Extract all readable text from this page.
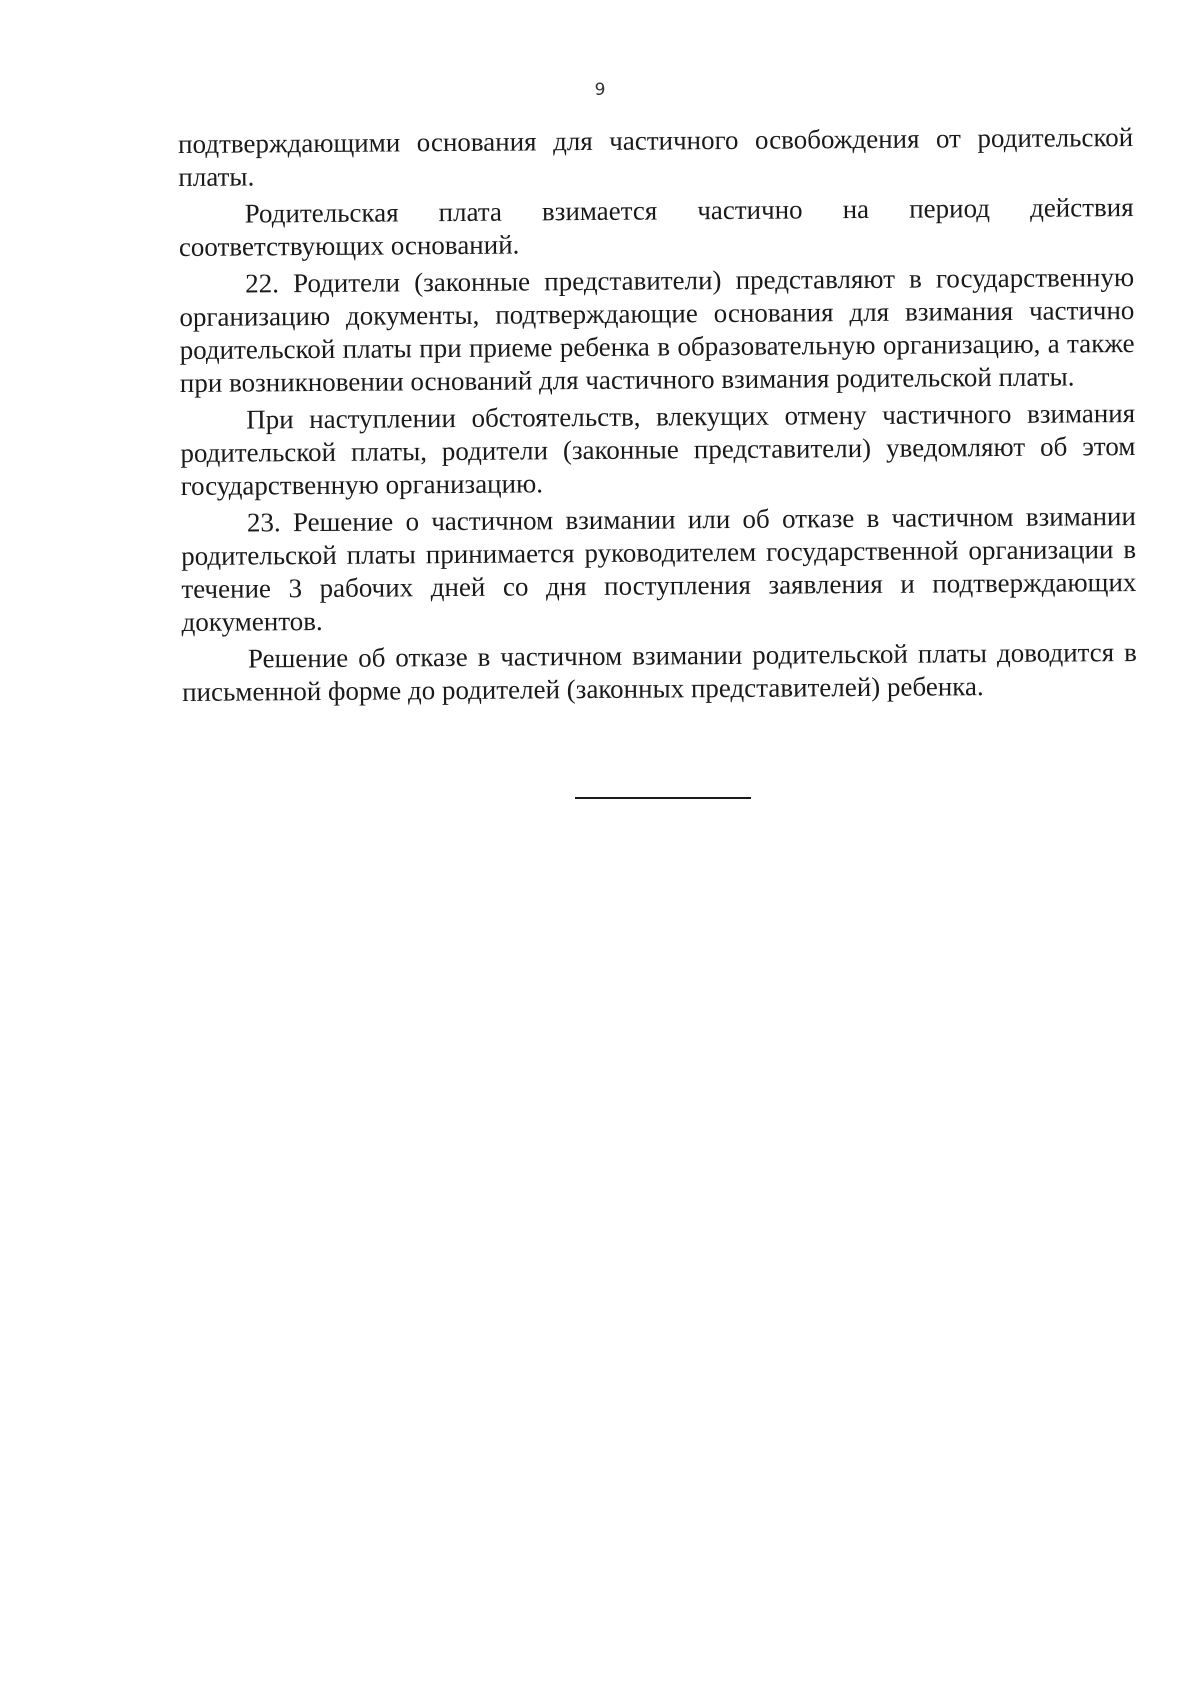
9

подтверждающими основания для частичного освобождения от родительской платы.

Родительская плата взимается частично на период действия соответствующих оснований.

22. Родители (законные представители) представляют в государственную организацию документы, подтверждающие основания для взимания частично родительской платы при приеме ребенка в образовательную организацию, а также при возникновении оснований для частичного взимания родительской платы.

При наступлении обстоятельств, влекущих отмену частичного взимания родительской платы, родители (законные представители) уведомляют об этом государственную организацию.

23. Решение о частичном взимании или об отказе в частичном взимании родительской платы принимается руководителем государственной организации в течение 3 рабочих дней со дня поступления заявления и подтверждающих документов.

Решение об отказе в частичном взимании родительской платы доводится в письменной форме до родителей (законных представителей) ребенка.
